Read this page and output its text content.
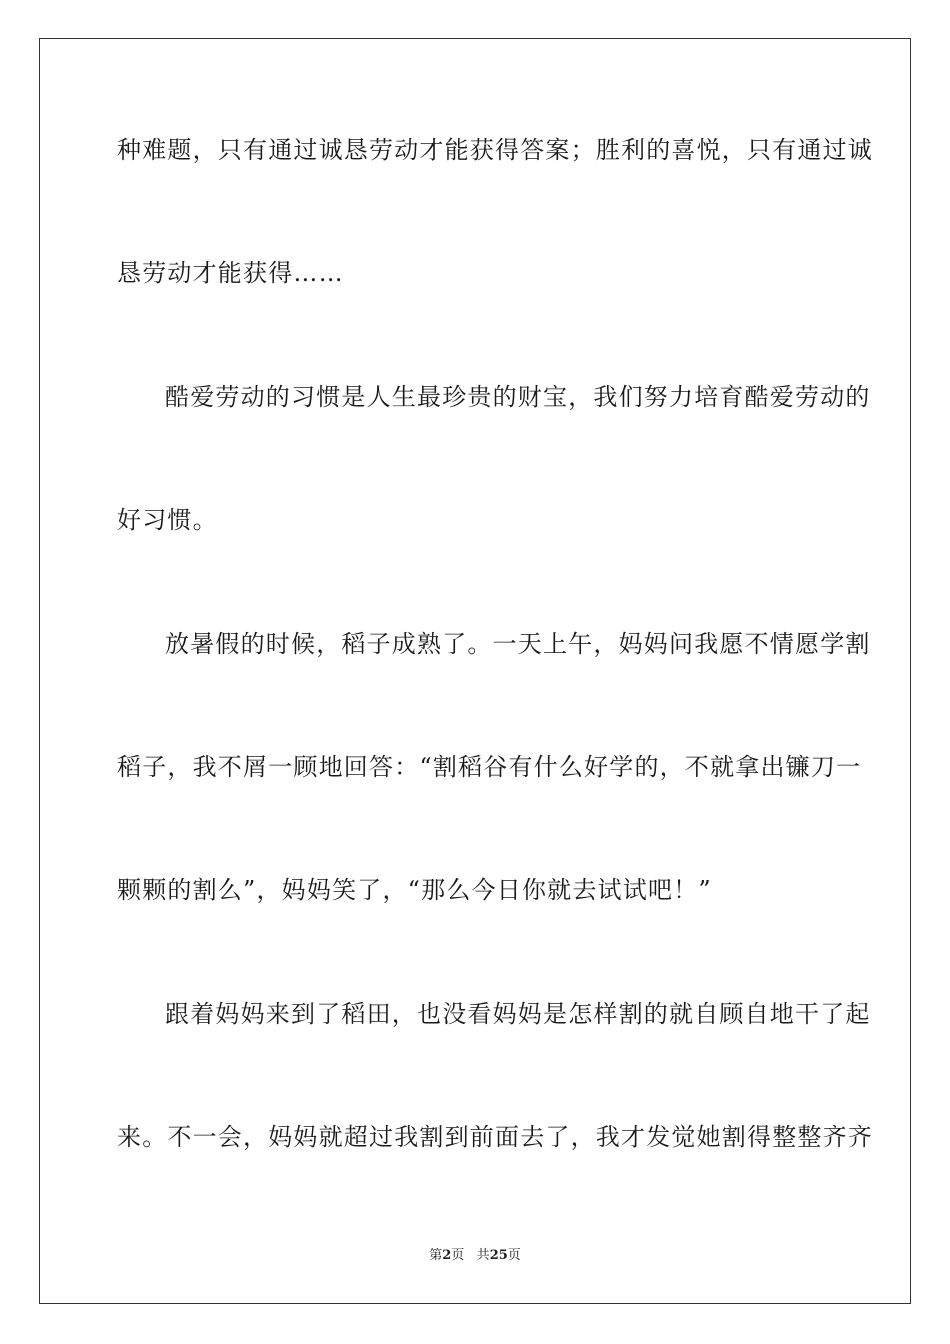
种难题，只有通过诚恳劳动才能获得答案；胜利的喜悦，只有通过诚
恳劳动才能获得……
酷爱劳动的习惯是人生最珍贵的财宝，我们努力培育酷爱劳动的
好习惯。
放暑假的时候，稻子成熟了。一天上午，妈妈问我愿不情愿学割
稻子，我不屑一顾地回答：“割稻谷有什么好学的，不就拿出镰刀一
颗颗的割么”，妈妈笑了，“那么今日你就去试试吧！”
跟着妈妈来到了稻田，也没看妈妈是怎样割的就自顾自地干了起
来。不一会，妈妈就超过我割到前面去了，我才发觉她割得整整齐齐
第2页 共25页
